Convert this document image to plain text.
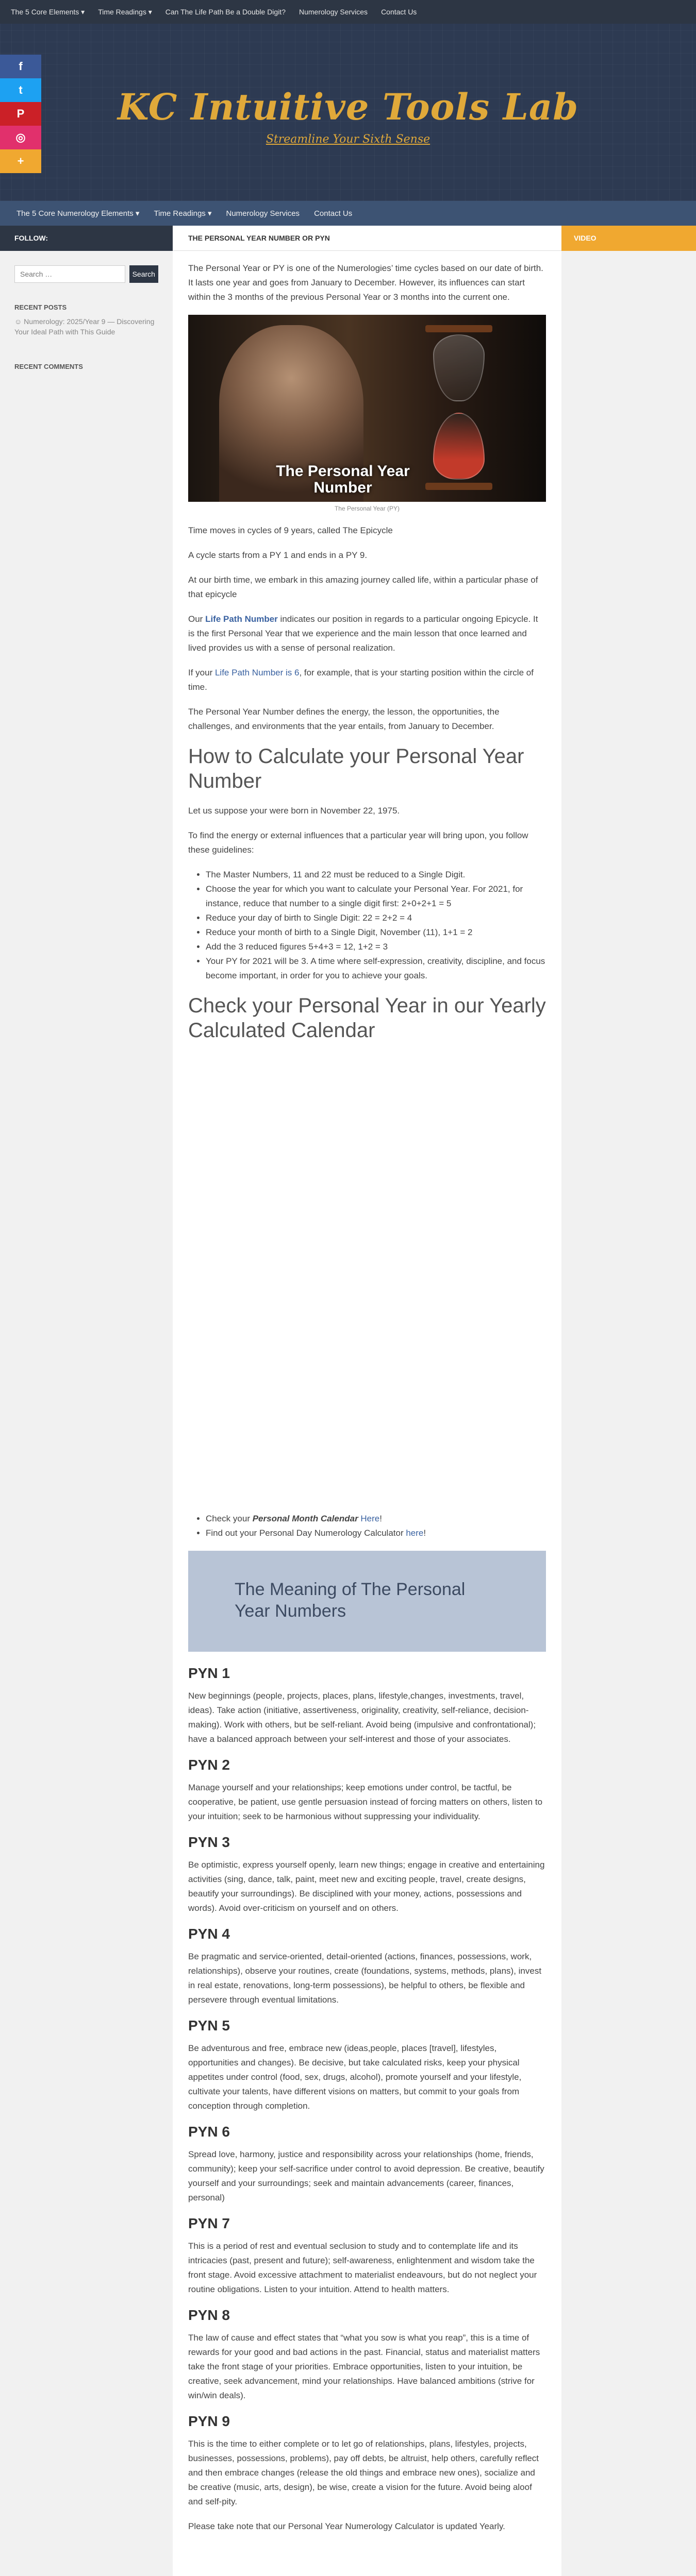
The 5 Core Elements ▾	Time Readings ▾	Can The Life Path Be a Double Digit?	Numerology Services	Contact Us
f
t
P
◎
+
KC Intuitive Tools Lab
Streamline Your Sixth Sense
The 5 Core Numerology Elements ▾	Time Readings ▾	Numerology Services	Contact Us
FOLLOW:
Search …
Search
RECENT POSTS
☺ Numerology: 2025/Year 9 — Discovering Your Ideal Path with This Guide
RECENT COMMENTS
THE PERSONAL YEAR NUMBER OR PYN

The Personal Year or PY is one of the Numerologies’ time cycles based on our date of birth. It lasts one year and goes from January to December. However, its influences can start within the 3 months of the previous Personal Year or 3 months into the current one.

The Personal Year Number
The Personal Year (PY)

Time moves in cycles of 9 years, called The Epicycle

A cycle starts from a PY 1 and ends in a PY 9.

At our birth time, we embark in this amazing journey called life, within a particular phase of that epicycle

Our Life Path Number indicates our position in regards to a particular ongoing Epicycle. It is the first Personal Year that we experience and the main lesson that once learned and lived provides us with a sense of personal realization.

If your Life Path Number is 6, for example, that is your starting position within the circle of time.

The Personal Year Number defines the energy, the lesson, the opportunities, the challenges, and environments that the year entails, from January to December.

How to Calculate your Personal Year Number

Let us suppose your were born in November 22, 1975.

To find the energy or external influences that a particular year will bring upon, you follow these guidelines:

• The Master Numbers, 11 and 22 must be reduced to a Single Digit.
• Choose the year for which you want to calculate your Personal Year. For 2021, for instance, reduce that number to a single digit first: 2+0+2+1 = 5
• Reduce your day of birth to Single Digit: 22 = 2+2 = 4
• Reduce your month of birth to a Single Digit, November (11), 1+1 = 2
• Add the 3 reduced figures 5+4+3 = 12, 1+2 = 3
• Your PY for 2021 will be 3. A time where self-expression, creativity, discipline, and focus become important, in order for you to achieve your goals.
Check your Personal Year in our Yearly Calculated Calendar
• Check your Personal Month Calendar Here!
• Find out your Personal Day Numerology Calculator here!
The Meaning of The Personal Year Numbers
PYN 1

New beginnings (people, projects, places, plans, lifestyle,changes, investments, travel, ideas). Take action (initiative, assertiveness, originality, creativity, self-reliance, decision-making). Work with others, but be self-reliant. Avoid being (impulsive and confrontational); have a balanced approach between your self-interest and those of your associates.

PYN 2

Manage yourself and your relationships; keep emotions under control, be tactful, be cooperative, be patient, use gentle persuasion instead of forcing matters on others, listen to your intuition; seek to be harmonious without suppressing your individuality.

PYN 3

Be optimistic, express yourself openly, learn new things; engage in creative and entertaining activities (sing, dance, talk, paint, meet new and exciting people, travel, create designs, beautify your surroundings). Be disciplined with your money, actions, possessions and words). Avoid over-criticism on yourself and on others.

PYN 4

Be pragmatic and service-oriented, detail-oriented (actions, finances, possessions, work, relationships), observe your routines, create (foundations, systems, methods, plans), invest in real estate, renovations, long-term possessions), be helpful to others, be flexible and persevere through eventual limitations.

PYN 5

Be adventurous and free, embrace new (ideas,people, places [travel], lifestyles, opportunities and changes). Be decisive, but take calculated risks, keep your physical appetites under control (food, sex, drugs, alcohol), promote yourself and your lifestyle, cultivate your talents, have different visions on matters, but commit to your goals from conception through completion.

PYN 6

Spread love, harmony, justice and responsibility across your relationships (home, friends, community); keep your self-sacrifice under control to avoid depression. Be creative, beautify yourself and your surroundings; seek and maintain advancements (career, finances, personal)

PYN 7

This is a period of rest and eventual seclusion to study and to contemplate life and its intricacies (past, present and future); self-awareness, enlightenment and wisdom take the front stage. Avoid excessive attachment to materialist endeavours, but do not neglect your routine obligations. Listen to your intuition. Attend to health matters.

PYN 8

The law of cause and effect states that “what you sow is what you reap”, this is a time of rewards for your good and bad actions in the past. Financial, status and materialist matters take the front stage of your priorities. Embrace opportunities, listen to your intuition, be creative, seek advancement, mind your relationships. Have balanced ambitions (strive for win/win deals).

PYN 9

This is the time to either complete or to let go of relationships, plans, lifestyles, projects, businesses, possessions, problems), pay off debts, be altruist, help others, carefully reflect and then embrace changes (release the old things and embrace new ones), socialize and be creative (music, arts, design), be wise, create a vision for the future. Avoid being aloof and self-pity.

Please take note that our Personal Year Numerology Calculator is updated Yearly.

VIDEO
